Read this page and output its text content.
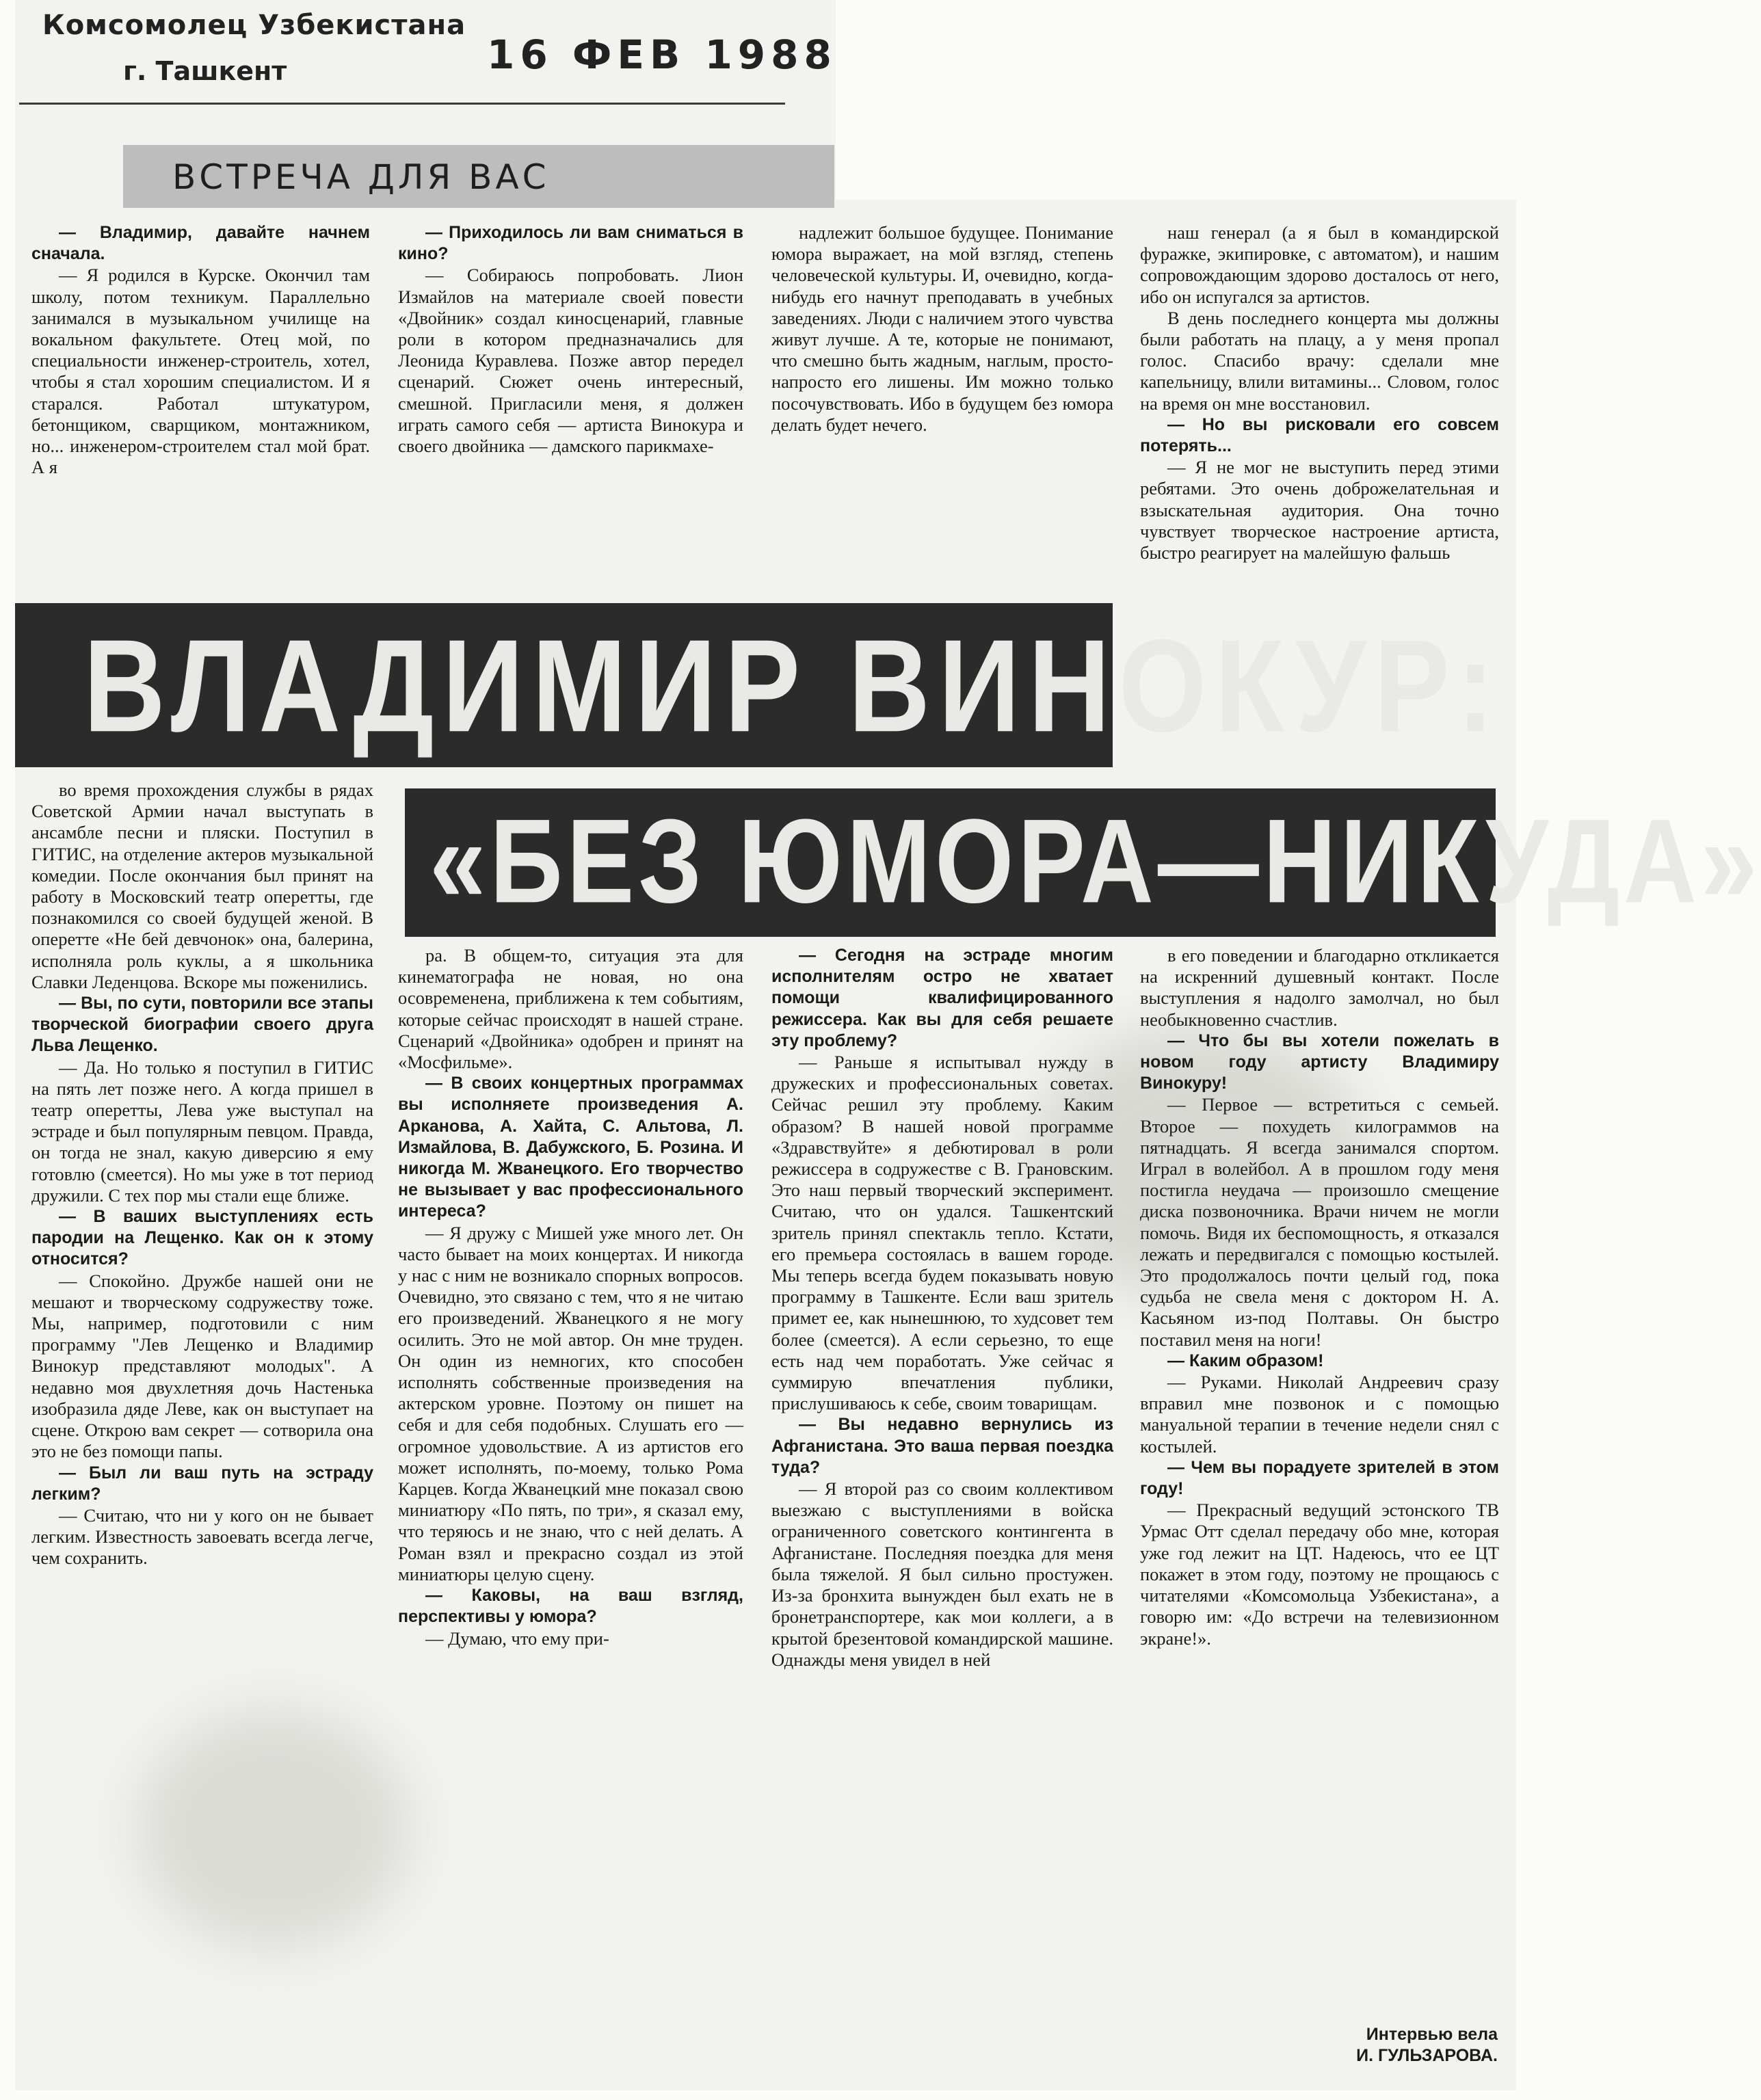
Комсомолец Узбекистана
г. Ташкент	16 ФЕВ 1988
ВСТРЕЧА ДЛЯ ВАС

— Владимир, давайте начнем сначала.

— Я родился в Курске. Окончил там школу, потом техникум. Параллельно занимался в музыкальном училище на вокальном факультете. Отец мой, по специальности инженер-строитель, хотел, чтобы я стал хорошим специалистом. И я старался. Работал штукатуром, бетонщиком, сварщиком, монтажником, но... инженером-строителем стал мой брат. А я

— Приходилось ли вам сниматься в кино?

— Собираюсь попробовать. Лион Измайлов на материале своей повести «Двойник» создал киносценарий, главные роли в котором предназначались для Леонида Куравлева. Позже автор передел сценарий. Сюжет очень интересный, смешной. Пригласили меня, я должен играть самого себя — артиста Винокура и своего двойника — дамского парикмахе-

надлежит большое будущее. Понимание юмора выражает, на мой взгляд, степень человеческой культуры. И, очевидно, когда-нибудь его начнут преподавать в учебных заведениях. Люди с наличием этого чувства живут лучше. А те, которые не понимают, что смешно быть жадным, наглым, просто-напросто его лишены. Им можно только посочувствовать. Ибо в будущем без юмора делать будет нечего.

наш генерал (а я был в командирской фуражке, экипировке, с автоматом), и нашим сопровождающим здорово досталось от него, ибо он испугался за артистов.

В день последнего концерта мы должны были работать на плацу, а у меня пропал голос. Спасибо врачу: сделали мне капельницу, влили витамины... Словом, голос на время он мне восстановил.

— Но вы рисковали его совсем потерять...

— Я не мог не выступить перед этими ребятами. Это очень доброжелательная и взыскательная аудитория. Она точно чувствует творческое настроение артиста, быстро реагирует на малейшую фальшь

ВЛАДИМИР ВИНОКУР:
«БЕЗ ЮМОРА—НИКУДА»

во время прохождения службы в рядах Советской Армии начал выступать в ансамбле песни и пляски. Поступил в ГИТИС, на отделение актеров музыкальной комедии. После окончания был принят на работу в Московский театр оперетты, где познакомился со своей будущей женой. В оперетте «Не бей девчонок» она, балерина, исполняла роль куклы, а я школьника Славки Леденцова. Вскоре мы поженились.

— Вы, по сути, повторили все этапы творческой биографии своего друга Льва Лещенко.

— Да. Но только я поступил в ГИТИС на пять лет позже него. А когда пришел в театр оперетты, Лева уже выступал на эстраде и был популярным певцом. Правда, он тогда не знал, какую диверсию я ему готовлю (смеется). Но мы уже в тот период дружили. С тех пор мы стали еще ближе.

— В ваших выступлениях есть пародии на Лещенко. Как он к этому относится?

— Спокойно. Дружбе нашей они не мешают и творческому содружеству тоже. Мы, например, подготовили с ним программу "Лев Лещенко и Владимир Винокур представляют молодых". А недавно моя двухлетняя дочь Настенька изобразила дяде Леве, как он выступает на сцене. Открою вам секрет — сотворила она это не без помощи папы.

— Был ли ваш путь на эстраду легким?

— Считаю, что ни у кого он не бывает легким. Известность завоевать всегда легче, чем сохранить.

ра. В общем-то, ситуация эта для кинематографа не новая, но она осовременена, приближена к тем событиям, которые сейчас происходят в нашей стране. Сценарий «Двойника» одобрен и принят на «Мосфильме».

— В своих концертных программах вы исполняете произведения А. Арканова, А. Хайта, С. Альтова, Л. Измайлова, В. Дабужского, Б. Розина. И никогда М. Жванецкого. Его творчество не вызывает у вас профессионального интереса?

— Я дружу с Мишей уже много лет. Он часто бывает на моих концертах. И никогда у нас с ним не возникало спорных вопросов. Очевидно, это связано с тем, что я не читаю его произведений. Жванецкого я не могу осилить. Это не мой автор. Он мне труден. Он один из немногих, кто способен исполнять собственные произведения на актерском уровне. Поэтому он пишет на себя и для себя подобных. Слушать его — огромное удовольствие. А из артистов его может исполнять, по-моему, только Рома Карцев. Когда Жванецкий мне показал свою миниатюру «По пять, по три», я сказал ему, что теряюсь и не знаю, что с ней делать. А Роман взял и прекрасно создал из этой миниатюры целую сцену.

— Каковы, на ваш взгляд, перспективы у юмора?

— Думаю, что ему при-

— Сегодня на эстраде многим исполнителям остро не хватает помощи квалифицированного режиссера. Как вы для себя решаете эту проблему?

— Раньше я испытывал нужду в дружеских и профессиональных советах. Сейчас решил эту проблему. Каким образом? В нашей новой программе «Здравствуйте» я дебютировал в роли режиссера в содружестве с В. Грановским. Это наш первый творческий эксперимент. Считаю, что он удался. Ташкентский зритель принял спектакль тепло. Кстати, его премьера состоялась в вашем городе. Мы теперь всегда будем показывать новую программу в Ташкенте. Если ваш зритель примет ее, как нынешнюю, то худсовет тем более (смеется). А если серьезно, то еще есть над чем поработать. Уже сейчас я суммирую впечатления публики, прислушиваюсь к себе, своим товарищам.

— Вы недавно вернулись из Афганистана. Это ваша первая поездка туда?

— Я второй раз со своим коллективом выезжаю с выступлениями в войска ограниченного советского контингента в Афганистане. Последняя поездка для меня была тяжелой. Я был сильно простужен. Из-за бронхита вынужден был ехать не в бронетранспортере, как мои коллеги, а в крытой брезентовой командирской машине. Однажды меня увидел в ней

в его поведении и благодарно откликается на искренний душевный контакт. После выступления я надолго замолчал, но был необыкновенно счастлив.

— Что бы вы хотели пожелать в новом году артисту Владимиру Винокуру!

— Первое — встретиться с семьей. Второе — похудеть килограммов на пятнадцать. Я всегда занимался спортом. Играл в волейбол. А в прошлом году меня постигла неудача — произошло смещение диска позвоночника. Врачи ничем не могли помочь. Видя их беспомощность, я отказался лежать и передвигался с помощью костылей. Это продолжалось почти целый год, пока судьба не свела меня с доктором Н. А. Касьяном из-под Полтавы. Он быстро поставил меня на ноги!

— Каким образом!

— Руками. Николай Андреевич сразу вправил мне позвонок и с помощью мануальной терапии в течение недели снял с костылей.

— Чем вы порадуете зрителей в этом году!

— Прекрасный ведущий эстонского ТВ Урмас Отт сделал передачу обо мне, которая уже год лежит на ЦТ. Надеюсь, что ее ЦТ покажет в этом году, поэтому не прощаюсь с читателями «Комсомольца Узбекистана», а говорю им: «До встречи на телевизионном экране!».

Интервью вела

И. ГУЛЬЗАРОВА.
